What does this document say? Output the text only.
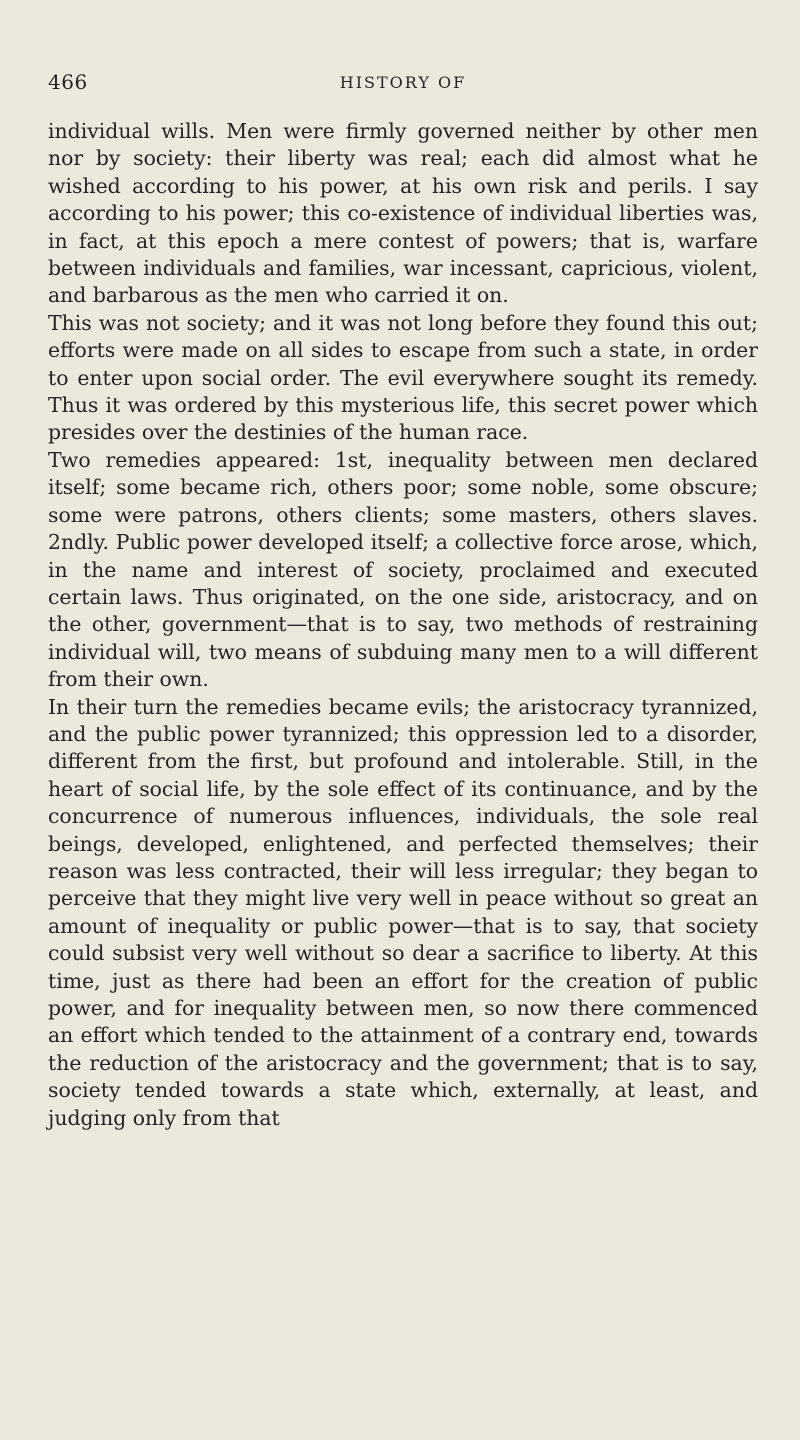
466	HISTORY OF

individual wills. Men were firmly governed neither by other men nor by society: their liberty was real; each did almost what he wished according to his power, at his own risk and perils. I say according to his power; this co-existence of individual liberties was, in fact, at this epoch a mere contest of powers; that is, warfare between individuals and families, war incessant, capricious, violent, and barbarous as the men who carried it on.

This was not society; and it was not long before they found this out; efforts were made on all sides to escape from such a state, in order to enter upon social order. The evil everywhere sought its remedy. Thus it was ordered by this mysterious life, this secret power which presides over the destinies of the human race.

Two remedies appeared: 1st, inequality between men declared itself; some became rich, others poor; some noble, some obscure; some were patrons, others clients; some masters, others slaves. 2ndly. Public power developed itself; a collective force arose, which, in the name and interest of society, proclaimed and executed certain laws. Thus originated, on the one side, aristocracy, and on the other, government—that is to say, two methods of restraining individual will, two means of subduing many men to a will different from their own.

In their turn the remedies became evils; the aristocracy tyrannized, and the public power tyrannized; this oppression led to a disorder, different from the first, but profound and intolerable. Still, in the heart of social life, by the sole effect of its continuance, and by the concurrence of numerous influences, individuals, the sole real beings, developed, enlightened, and perfected themselves; their reason was less contracted, their will less irregular; they began to perceive that they might live very well in peace without so great an amount of inequality or public power—that is to say, that society could subsist very well without so dear a sacrifice to liberty. At this time, just as there had been an effort for the creation of public power, and for inequality between men, so now there commenced an effort which tended to the attainment of a contrary end, towards the reduction of the aristocracy and the government; that is to say, society tended towards a state which, externally, at least, and judging only from that
